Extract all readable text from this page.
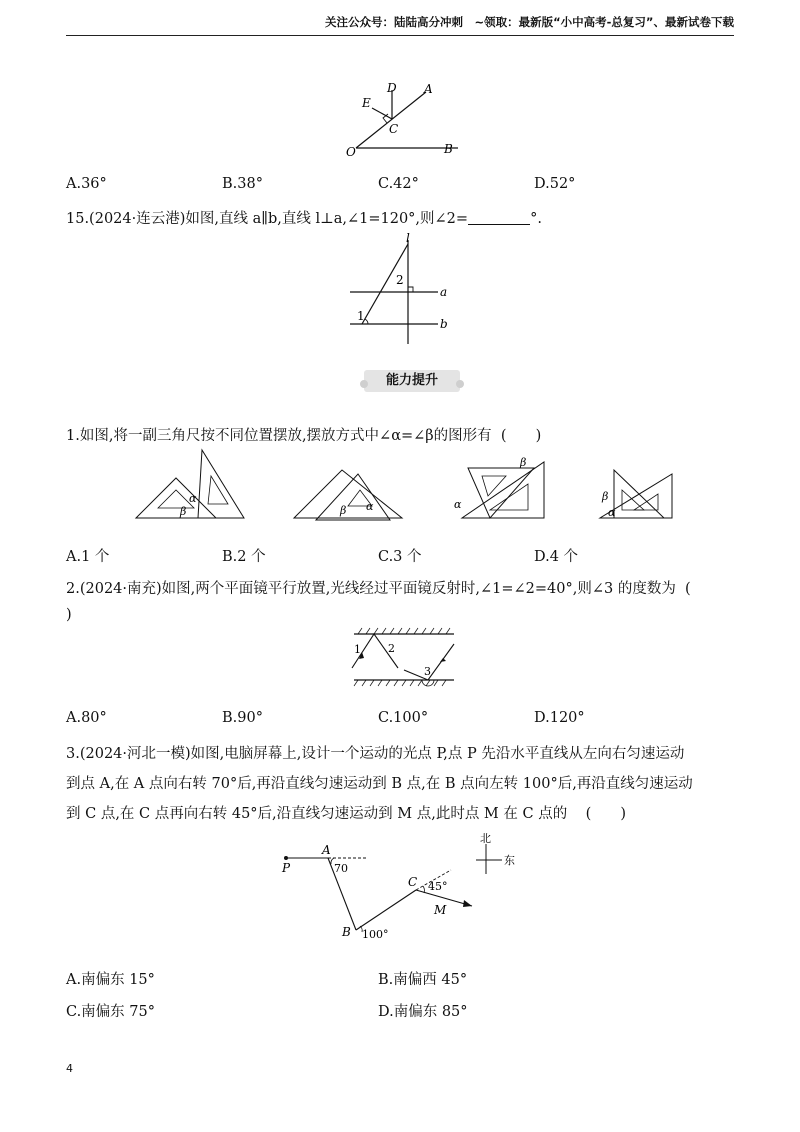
关注公众号：陆陆高分冲刺　~领取：最新版“小中高考-总复习”、最新试卷下载
D
E
A
C
O	B
A.36°	B.38°	C.42°	D.52°
15.(2024·连云港)如图,直线 a∥b,直线 l⊥a,∠1=120°,则∠2=	°.
l
a
b
1
2
能力提升
1.如图,将一副三角尺按不同位置摆放,摆放方式中∠α=∠β的图形有 (　　)
α
β	β α
β
α
β
α
A.1 个	B.2 个	C.3 个	D.4 个
2.(2024·南充)如图,两个平面镜平行放置,光线经过平面镜反射时,∠1=∠2=40°,则∠3 的度数为 (
)
1 2
3
A.80°	B.90°	C.100°	D.120°
3.(2024·河北一模)如图,电脑屏幕上,设计一个运动的光点 P,点 P 先沿水平直线从左向右匀速运动
到点 A,在 A 点向右转 70°后,再沿直线匀速运动到 B 点,在 B 点向左转 100°后,再沿直线匀速运动
到 C 点,在 C 点再向右转 45°后,沿直线匀速运动到 M 点,此时点 M 在 C 点的 (　　)
北
东
P
A
70
B 100°
C 45°
M
A.南偏东 15°	B.南偏西 45°
C.南偏东 75°	D.南偏东 85°
4
